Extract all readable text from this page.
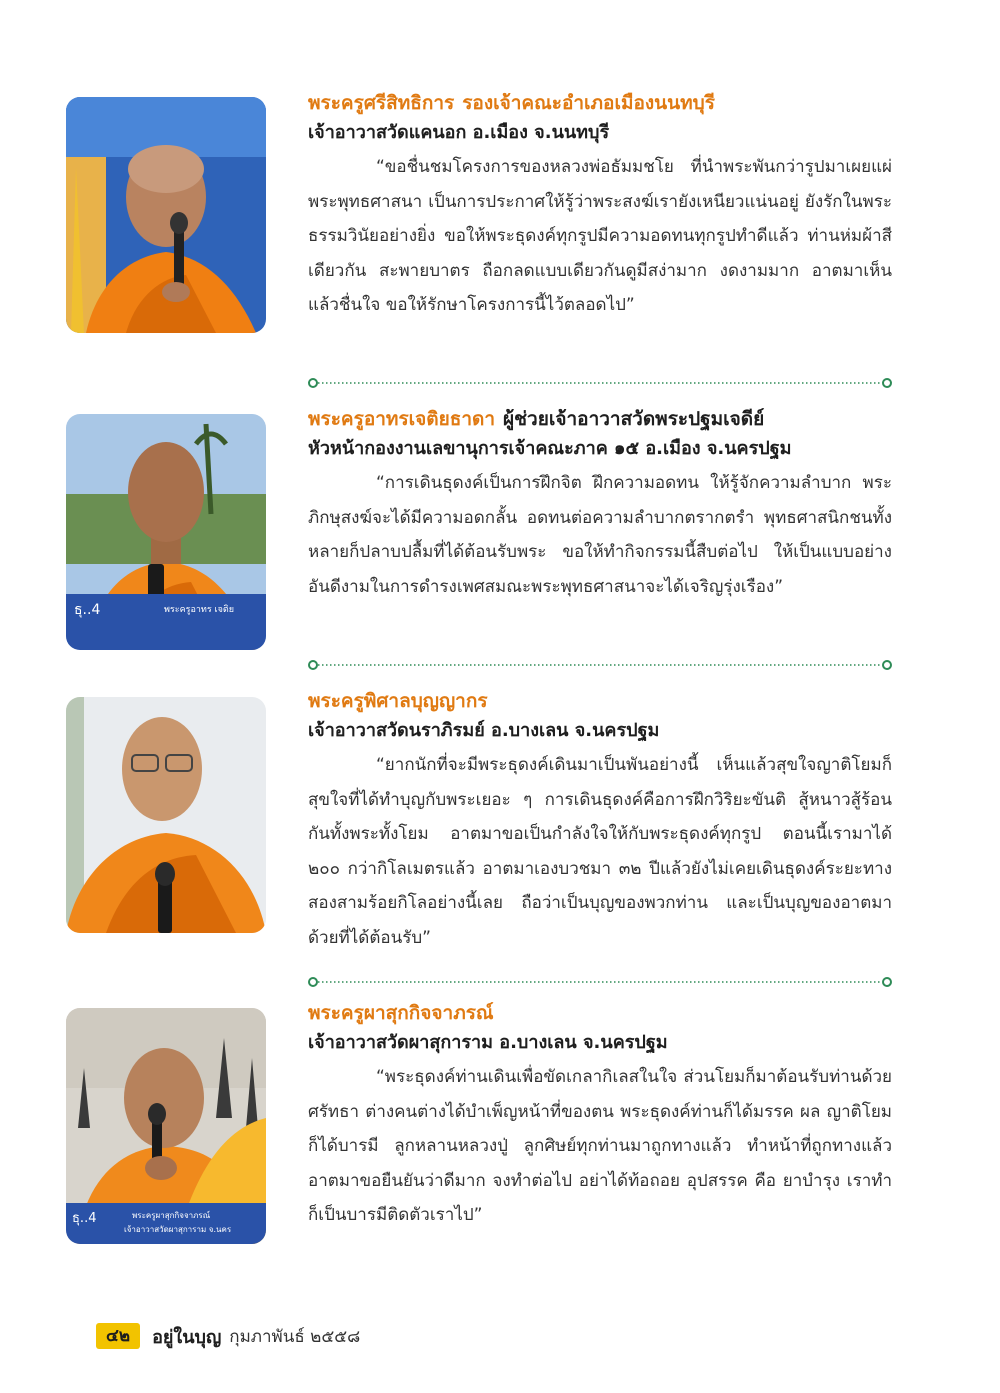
พระครูศรีสิทธิการ รองเจ้าคณะอำเภอเมืองนนทบุรี
เจ้าอาวาสวัดแคนอก อ.เมือง จ.นนทบุรี

“ขอชื่นชมโครงการของหลวงพ่อธัมมชโย ที่นำพระพันกว่ารูปมาเผยแผ่พระพุทธศาสนา เป็นการประกาศให้รู้ว่าพระสงฆ์เรายังเหนียวแน่นอยู่ ยังรักในพระธรรมวินัยอย่างยิ่ง ขอให้พระธุดงค์ทุกรูปมีความอดทนทุกรูปทำดีแล้ว ท่านห่มผ้าสีเดียวกัน สะพายบาตร ถือกลดแบบเดียวกันดูมีสง่ามาก งดงามมาก อาตมาเห็นแล้วชื่นใจ ขอให้รักษาโครงการนี้ไว้ตลอดไป”

ธุ..4	พระครูอาทร เจติย
พระครูอาทรเจติยธาดา ผู้ช่วยเจ้าอาวาสวัดพระปฐมเจดีย์
หัวหน้ากองงานเลขานุการเจ้าคณะภาค ๑๕ อ.เมือง จ.นครปฐม

“การเดินธุดงค์เป็นการฝึกจิต ฝึกความอดทน ให้รู้จักความลำบาก พระภิกษุสงฆ์จะได้มีความอดกลั้น อดทนต่อความลำบากตรากตรำ พุทธศาสนิกชนทั้งหลายก็ปลาบปลื้มที่ได้ต้อนรับพระ ขอให้ทำกิจกรรมนี้สืบต่อไป ให้เป็นแบบอย่างอันดีงามในการดำรงเพศสมณะพระพุทธศาสนาจะได้เจริญรุ่งเรือง”

พระครูพิศาลบุญญากร
เจ้าอาวาสวัดนราภิรมย์ อ.บางเลน จ.นครปฐม

“ยากนักที่จะมีพระธุดงค์เดินมาเป็นพันอย่างนี้ เห็นแล้วสุขใจญาติโยมก็สุขใจที่ได้ทำบุญกับพระเยอะ ๆ การเดินธุดงค์คือการฝึกวิริยะขันติ สู้หนาวสู้ร้อนกันทั้งพระทั้งโยม อาตมาขอเป็นกำลังใจให้กับพระธุดงค์ทุกรูป ตอนนี้เรามาได้ ๒๐๐ กว่ากิโลเมตรแล้ว อาตมาเองบวชมา ๓๒ ปีแล้วยังไม่เคยเดินธุดงค์ระยะทางสองสามร้อยกิโลอย่างนี้เลย ถือว่าเป็นบุญของพวกท่าน และเป็นบุญของอาตมาด้วยที่ได้ต้อนรับ”

ธุ..4	พระครูผาสุกกิจจาภรณ์
เจ้าอาวาสวัดผาสุการาม จ.นคร
พระครูผาสุกกิจจาภรณ์
เจ้าอาวาสวัดผาสุการาม อ.บางเลน จ.นครปฐม

“พระธุดงค์ท่านเดินเพื่อขัดเกลากิเลสในใจ ส่วนโยมก็มาต้อนรับท่านด้วยศรัทธา ต่างคนต่างได้บำเพ็ญหน้าที่ของตน พระธุดงค์ท่านก็ได้มรรค ผล ญาติโยมก็ได้บารมี ลูกหลานหลวงปู่ ลูกศิษย์ทุกท่านมาถูกทางแล้ว ทำหน้าที่ถูกทางแล้ว อาตมาขอยืนยันว่าดีมาก จงทำต่อไป อย่าได้ท้อถอย อุปสรรค คือ ยาบำรุง เราทำก็เป็นบารมีติดตัวเราไป”

๔๒	อยู่ในบุญ กุมภาพันธ์ ๒๕๕๘
